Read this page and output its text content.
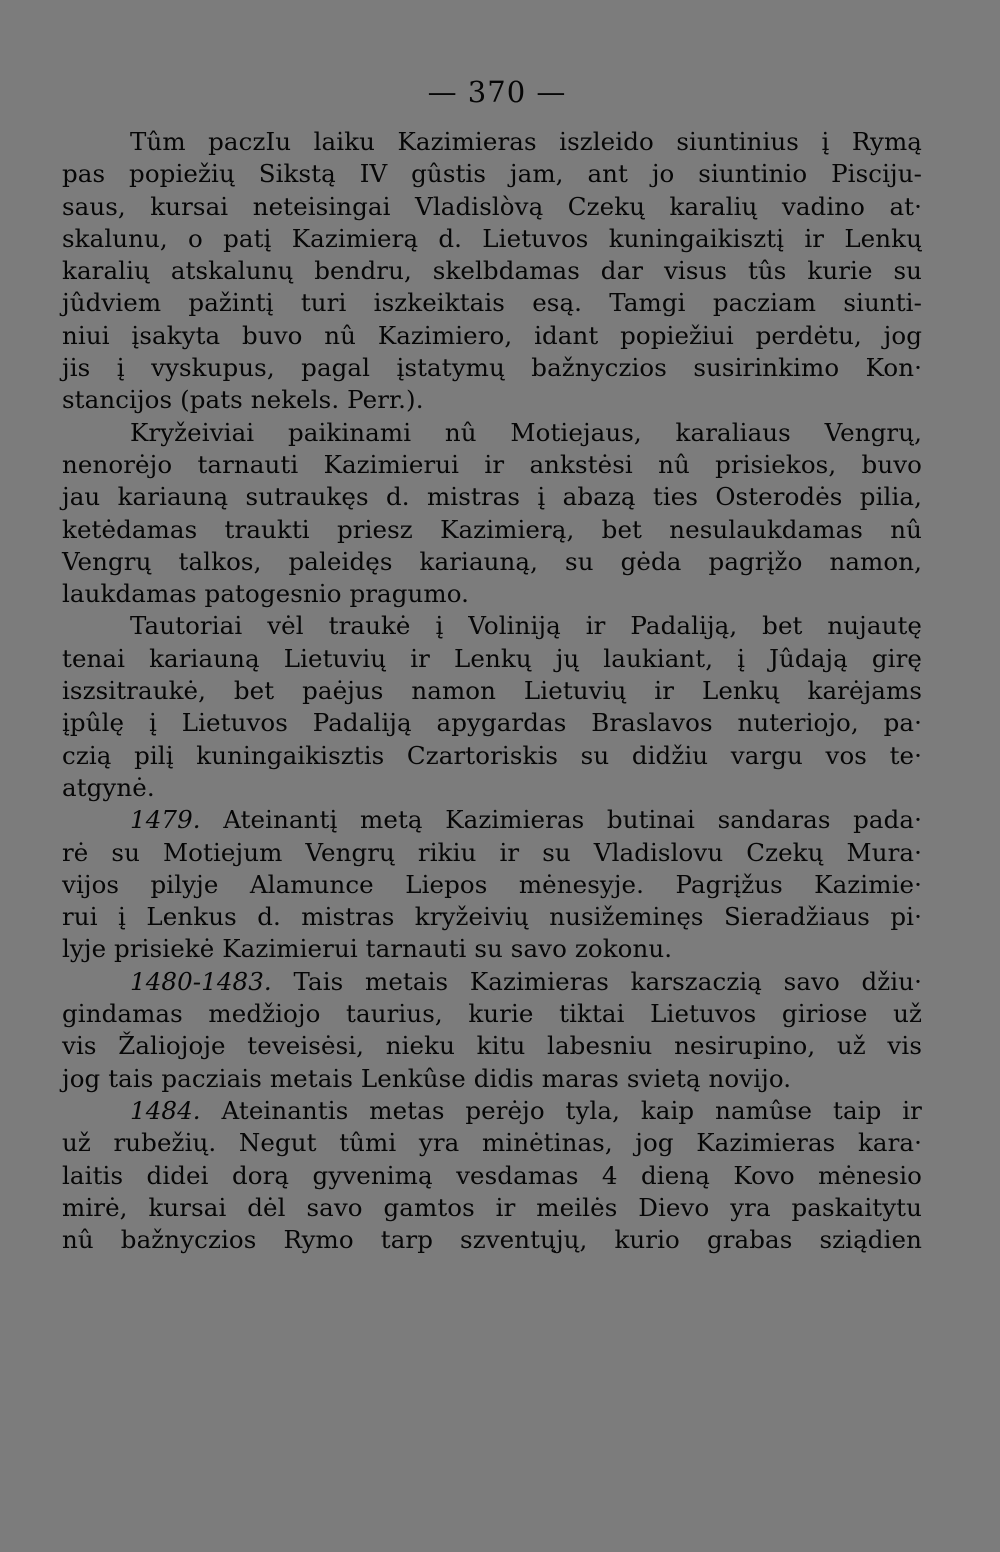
— 370 —
Tûm paczIu laiku Kazimieras iszleido siuntinius į Rymą
pas popiežių Sikstą IV gûstis jam, ant jo siuntinio Pisciju-
saus, kursai neteisingai Vladislòvą Czekų karalių vadino at·
skalunu, o patį Kazimierą d. Lietuvos kuningaikisztį ir Lenkų
karalių atskalunų bendru, skelbdamas dar visus tûs kurie su
jûdviem pažintį turi iszkeiktais esą. Tamgi pacziam siunti-
niui įsakyta buvo nû Kazimiero, idant popiežiui perdėtu, jog
jis į vyskupus, pagal įstatymų bažnyczios susirinkimo Kon·
stancijos (pats nekels. Perr.).
Kryžeiviai paikinami nû Motiejaus, karaliaus Vengrų,
nenorėjo tarnauti Kazimierui ir ankstėsi nû prisiekos, buvo
jau kariauną sutraukęs d. mistras į abazą ties Osterodės pilia,
ketėdamas traukti priesz Kazimierą, bet nesulaukdamas nû
Vengrų talkos, paleidęs kariauną, su gėda pagrįžo namon,
laukdamas patogesnio pragumo.
Tautoriai vėl traukė į Voliniją ir Padaliją, bet nujautę
tenai kariauną Lietuvių ir Lenkų jų laukiant, į Jûdają girę
iszsitraukė, bet paėjus namon Lietuvių ir Lenkų karėjams
įpûlę į Lietuvos Padaliją apygardas Braslavos nuteriojo, pa·
czią pilį kuningaikisztis Czartoriskis su didžiu vargu vos te·
atgynė.
1479. Ateinantį metą Kazimieras butinai sandaras pada·
rė su Motiejum Vengrų rikiu ir su Vladislovu Czekų Mura·
vijos pilyje Alamunce Liepos mėnesyje. Pagrįžus Kazimie·
rui į Lenkus d. mistras kryžeivių nusižeminęs Sieradžiaus pi·
lyje prisiekė Kazimierui tarnauti su savo zokonu.
1480-1483. Tais metais Kazimieras karszaczią savo džiu·
gindamas medžiojo taurius, kurie tiktai Lietuvos giriose už
vis Žaliojoje teveisėsi, nieku kitu labesniu nesirupino, už vis
jog tais pacziais metais Lenkûse didis maras svietą novijo.
1484. Ateinantis metas perėjo tyla, kaip namûse taip ir
už rubežių. Negut tûmi yra minėtinas, jog Kazimieras kara·
laitis didei dorą gyvenimą vesdamas 4 dieną Kovo mėnesio
mirė, kursai dėl savo gamtos ir meilės Dievo yra paskaitytu
nû bažnyczios Rymo tarp szventųjų, kurio grabas sziądien
